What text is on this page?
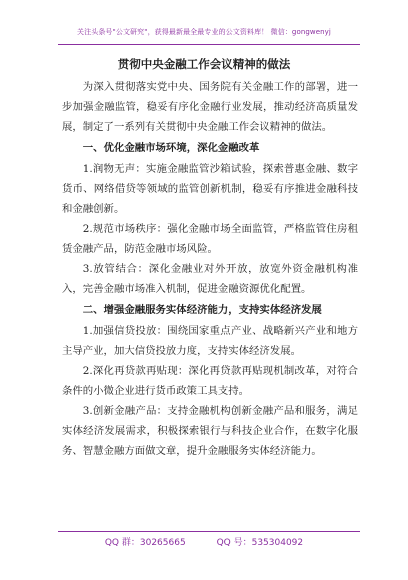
关注头条号"公文研究"，获得最新最全最专业的公文资料库！ 微信：gongwenyj
贯彻中央金融工作会议精神的做法

为深入贯彻落实党中央、国务院有关金融工作的部署，进一步加强金融监管，稳妥有序化金融行业发展，推动经济高质量发展，制定了一系列有关贯彻中央金融工作会议精神的做法。

一、优化金融市场环境，深化金融改革

1.润物无声：实施金融监管沙箱试验，探索普惠金融、数字货币、网络借贷等领域的监管创新机制，稳妥有序推进金融科技和金融创新。

2.规范市场秩序：强化金融市场全面监管，严格监管住房租赁金融产品，防范金融市场风险。

3.放管结合：深化金融业对外开放，放宽外资金融机构准入，完善金融市场准入机制，促进金融资源优化配置。

二、增强金融服务实体经济能力，支持实体经济发展

1.加强信贷投放：围绕国家重点产业、战略新兴产业和地方主导产业，加大信贷投放力度，支持实体经济发展。

2.深化再贷款再贴现：深化再贷款再贴现机制改革，对符合条件的小微企业进行货币政策工具支持。

3.创新金融产品：支持金融机构创新金融产品和服务，满足实体经济发展需求，积极探索银行与科技企业合作，在数字化服务、智慧金融方面做文章，提升金融服务实体经济能力。

QQ 群：30265665	QQ 号：535304092
